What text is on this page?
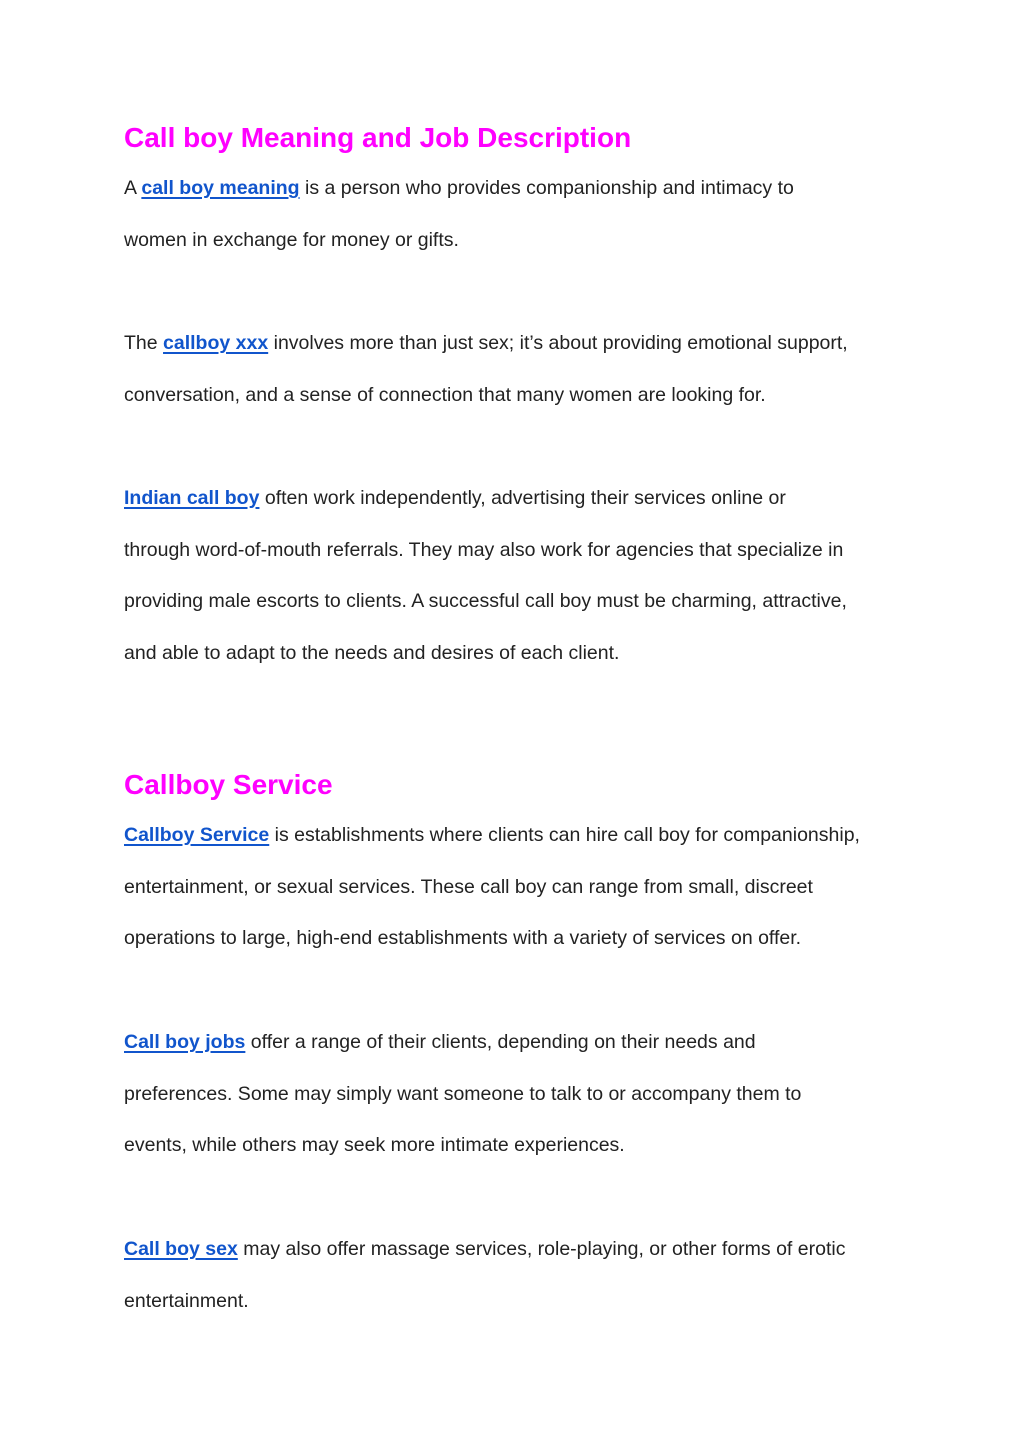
Call boy Meaning and Job Description

A call boy meaning is a person who provides companionship and intimacy to
women in exchange for money or gifts.

The callboy xxx involves more than just sex; it’s about providing emotional support,
conversation, and a sense of connection that many women are looking for.

Indian call boy often work independently, advertising their services online or
through word-of-mouth referrals. They may also work for agencies that specialize in
providing male escorts to clients. A successful call boy must be charming, attractive,
and able to adapt to the needs and desires of each client.

Callboy Service

Callboy Service is establishments where clients can hire call boy for companionship,
entertainment, or sexual services. These call boy can range from small, discreet
operations to large, high-end establishments with a variety of services on offer.

Call boy jobs offer a range of their clients, depending on their needs and
preferences. Some may simply want someone to talk to or accompany them to
events, while others may seek more intimate experiences.

Call boy sex may also offer massage services, role-playing, or other forms of erotic
entertainment.
